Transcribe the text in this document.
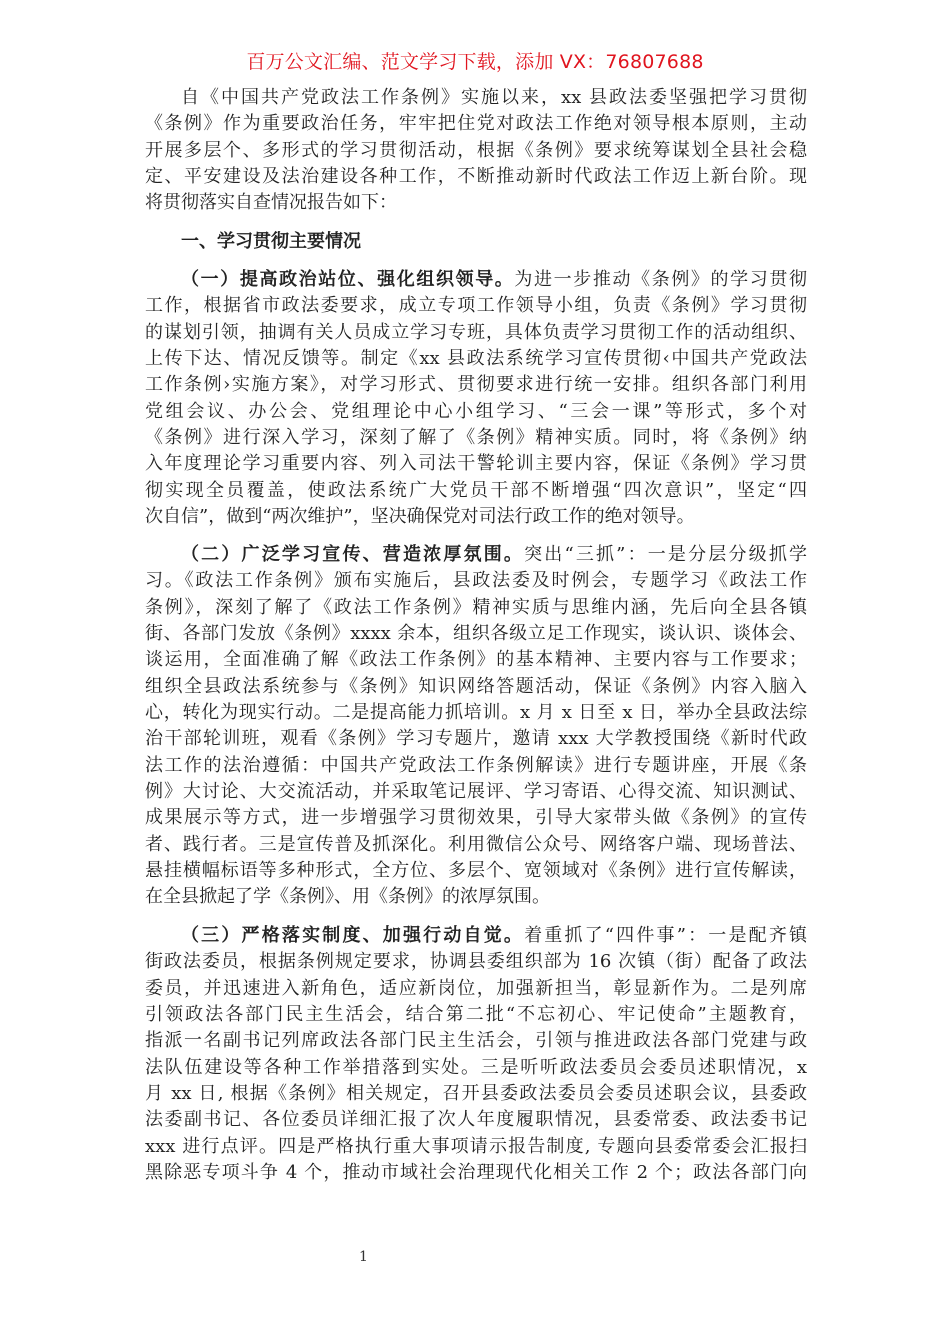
百万公文汇编、范文学习下载，添加 VX：76807688
自《中国共产党政法工作条例》实施以来，xx 县政法委坚强把学习贯彻
《条例》作为重要政治任务，牢牢把住党对政法工作绝对领导根本原则，主动
开展多层个、多形式的学习贯彻活动，根据《条例》要求统筹谋划全县社会稳
定、平安建设及法治建设各种工作，不断推动新时代政法工作迈上新台阶。现
将贯彻落实自查情况报告如下：
一、学习贯彻主要情况
（一）提高政治站位、强化组织领导。为进一步推动《条例》的学习贯彻
工作，根据省市政法委要求，成立专项工作领导小组，负责《条例》学习贯彻
的谋划引领，抽调有关人员成立学习专班，具体负责学习贯彻工作的活动组织、
上传下达、情况反馈等。制定《xx 县政法系统学习宣传贯彻‹中国共产党政法
工作条例›实施方案》，对学习形式、贯彻要求进行统一安排。组织各部门利用
党组会议、办公会、党组理论中心小组学习、“三会一课”等形式，多个对
《条例》进行深入学习，深刻了解了《条例》精神实质。同时，将《条例》纳
入年度理论学习重要内容、列入司法干警轮训主要内容，保证《条例》学习贯
彻实现全员覆盖，使政法系统广大党员干部不断增强“四次意识”，坚定“四
次自信”，做到“两次维护”，坚决确保党对司法行政工作的绝对领导。
（二）广泛学习宣传、营造浓厚氛围。突出“三抓”：一是分层分级抓学
习。《政法工作条例》颁布实施后，县政法委及时例会，专题学习《政法工作
条例》，深刻了解了《政法工作条例》精神实质与思维内涵，先后向全县各镇
街、各部门发放《条例》xxxx 余本，组织各级立足工作现实，谈认识、谈体会、
谈运用，全面准确了解《政法工作条例》的基本精神、主要内容与工作要求；
组织全县政法系统参与《条例》知识网络答题活动，保证《条例》内容入脑入
心，转化为现实行动。二是提高能力抓培训。x 月 x 日至 x 日，举办全县政法综
治干部轮训班，观看《条例》学习专题片，邀请 xxx 大学教授围绕《新时代政
法工作的法治遵循：中国共产党政法工作条例解读》进行专题讲座，开展《条
例》大讨论、大交流活动，并采取笔记展评、学习寄语、心得交流、知识测试、
成果展示等方式，进一步增强学习贯彻效果，引导大家带头做《条例》的宣传
者、践行者。三是宣传普及抓深化。利用微信公众号、网络客户端、现场普法、
悬挂横幅标语等多种形式，全方位、多层个、宽领域对《条例》进行宣传解读，
在全县掀起了学《条例》、用《条例》的浓厚氛围。
（三）严格落实制度、加强行动自觉。着重抓了“四件事”：一是配齐镇
街政法委员，根据条例规定要求，协调县委组织部为 16 次镇（街）配备了政法
委员，并迅速进入新角色，适应新岗位，加强新担当，彰显新作为。二是列席
引领政法各部门民主生活会，结合第二批“不忘初心、牢记使命”主题教育，
指派一名副书记列席政法各部门民主生活会，引领与推进政法各部门党建与政
法队伍建设等各种工作举措落到实处。三是听听政法委员会委员述职情况，x
月 xx 日, 根据《条例》相关规定，召开县委政法委员会委员述职会议，县委政
法委副书记、各位委员详细汇报了次人年度履职情况，县委常委、政法委书记
xxx 进行点评。四是严格执行重大事项请示报告制度, 专题向县委常委会汇报扫
黑除恶专项斗争 4 个，推动市域社会治理现代化相关工作 2 个；政法各部门向
1
